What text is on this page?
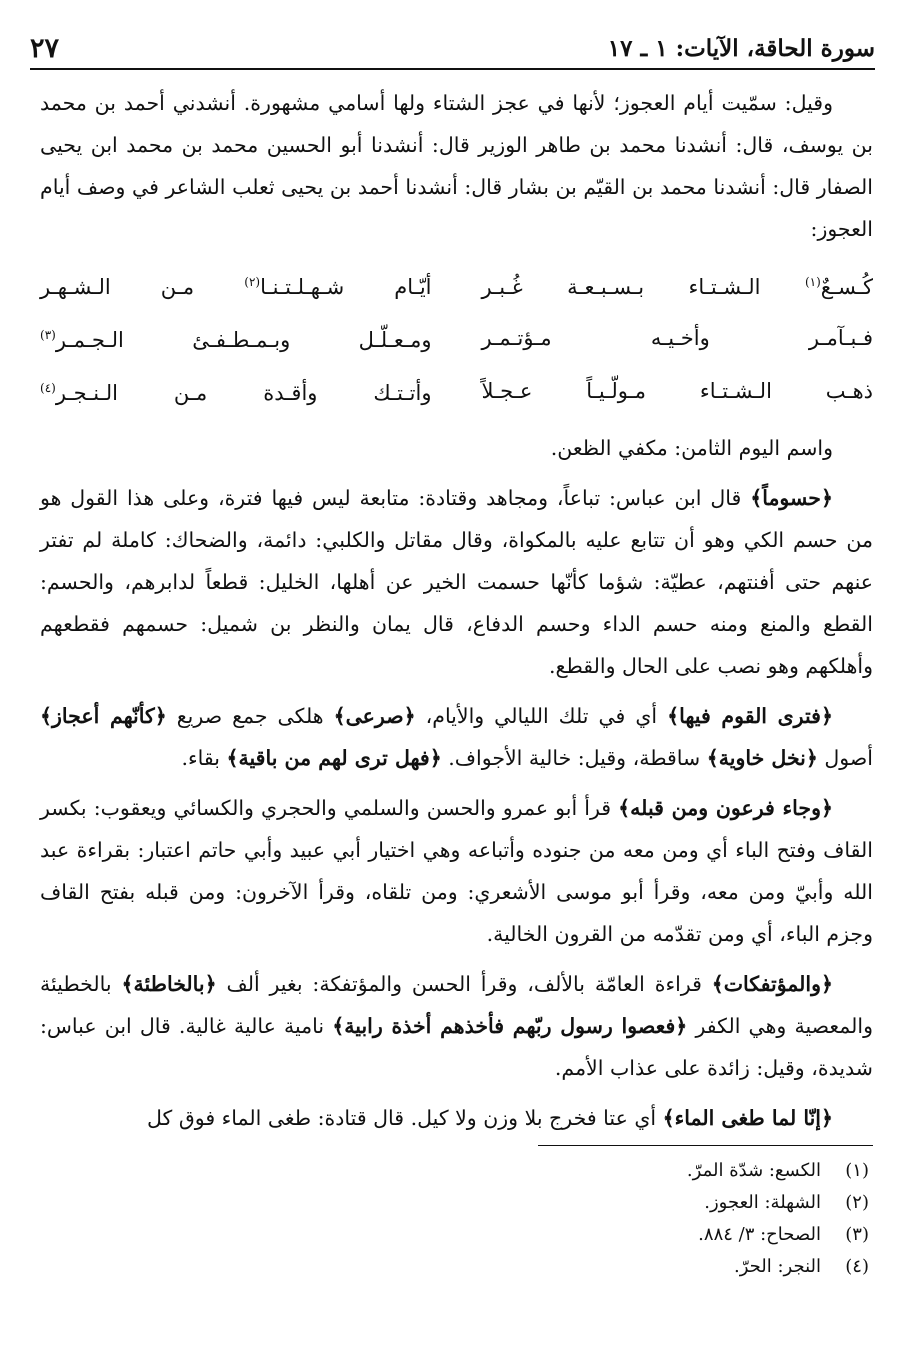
سورة الحاقة، الآيات: ١ ـ ١٧
٢٧

وقيل: سمّيت أيام العجوز؛ لأنها في عجز الشتاء ولها أسامي مشهورة. أنشدني أحمد بن محمد بن يوسف، قال: أنشدنا محمد بن طاهر الوزير قال: أنشدنا أبو الحسين محمد بن محمد ابن يحيى الصفار قال: أنشدنا محمد بن القيّم بن بشار قال: أنشدنا أحمد بن يحيى ثعلب الشاعر في وصف أيام العجوز:

كُـسـعٌ$^{(١)}$ الـشـتـاء بـسـبـعـة غُـبـر
أيّـام شـهـلـتـنـا$^{(٢)}$ مـن الـشـهـر
فـبـآمـر وأخـيـه مـؤتـمـر
ومـعـلّـل وبـمـطـفـئ الـجـمـر$^{(٣)}$
ذهـب الـشـتـاء مـولّـيـاً عـجـلاً
وأتـتـك وأقـدة مـن الـنـجـر$^{(٤)}$

واسم اليوم الثامن: مكفي الظعن.

﴿حسوماً﴾ قال ابن عباس: تباعاً، ومجاهد وقتادة: متابعة ليس فيها فترة، وعلى هذا القول هو من حسم الكي وهو أن تتابع عليه بالمكواة، وقال مقاتل والكلبي: دائمة، والضحاك: كاملة لم تفتر عنهم حتى أفنتهم، عطيّة: شؤما كأنّها حسمت الخير عن أهلها، الخليل: قطعاً لدابرهم، والحسم: القطع والمنع ومنه حسم الداء وحسم الدفاع، قال يمان والنظر بن شميل: حسمهم فقطعهم وأهلكهم وهو نصب على الحال والقطع.

﴿فترى القوم فيها﴾ أي في تلك الليالي والأيام، ﴿صرعى﴾ هلكى جمع صريع ﴿كأنّهم أعجاز﴾ أصول ﴿نخل خاوية﴾ ساقطة، وقيل: خالية الأجواف. ﴿فهل ترى لهم من باقية﴾ بقاء.

﴿وجاء فرعون ومن قبله﴾ قرأ أبو عمرو والحسن والسلمي والحجري والكسائي ويعقوب: بكسر القاف وفتح الباء أي ومن معه من جنوده وأتباعه وهي اختيار أبي عبيد وأبي حاتم اعتبار: بقراءة عبد الله وأبيّ ومن معه، وقرأ أبو موسى الأشعري: ومن تلقاه، وقرأ الآخرون: ومن قبله بفتح القاف وجزم الباء، أي ومن تقدّمه من القرون الخالية.

﴿والمؤتفكات﴾ قراءة العامّة بالألف، وقرأ الحسن والمؤتفكة: بغير ألف ﴿بالخاطئة﴾ بالخطيئة والمعصية وهي الكفر ﴿فعصوا رسول ربّهم فأخذهم أخذة رابية﴾ نامية عالية غالية. قال ابن عباس: شديدة، وقيل: زائدة على عذاب الأمم.

﴿إنّا لما طغى الماء﴾ أي عتا فخرج بلا وزن ولا كيل. قال قتادة: طغى الماء فوق كل

(١)
الكسع: شدّة المرّ.
(٢)
الشهلة: العجوز.
(٣)
الصحاح: ٣/ ٨٨٤.
(٤)
النجر: الحرّ.
